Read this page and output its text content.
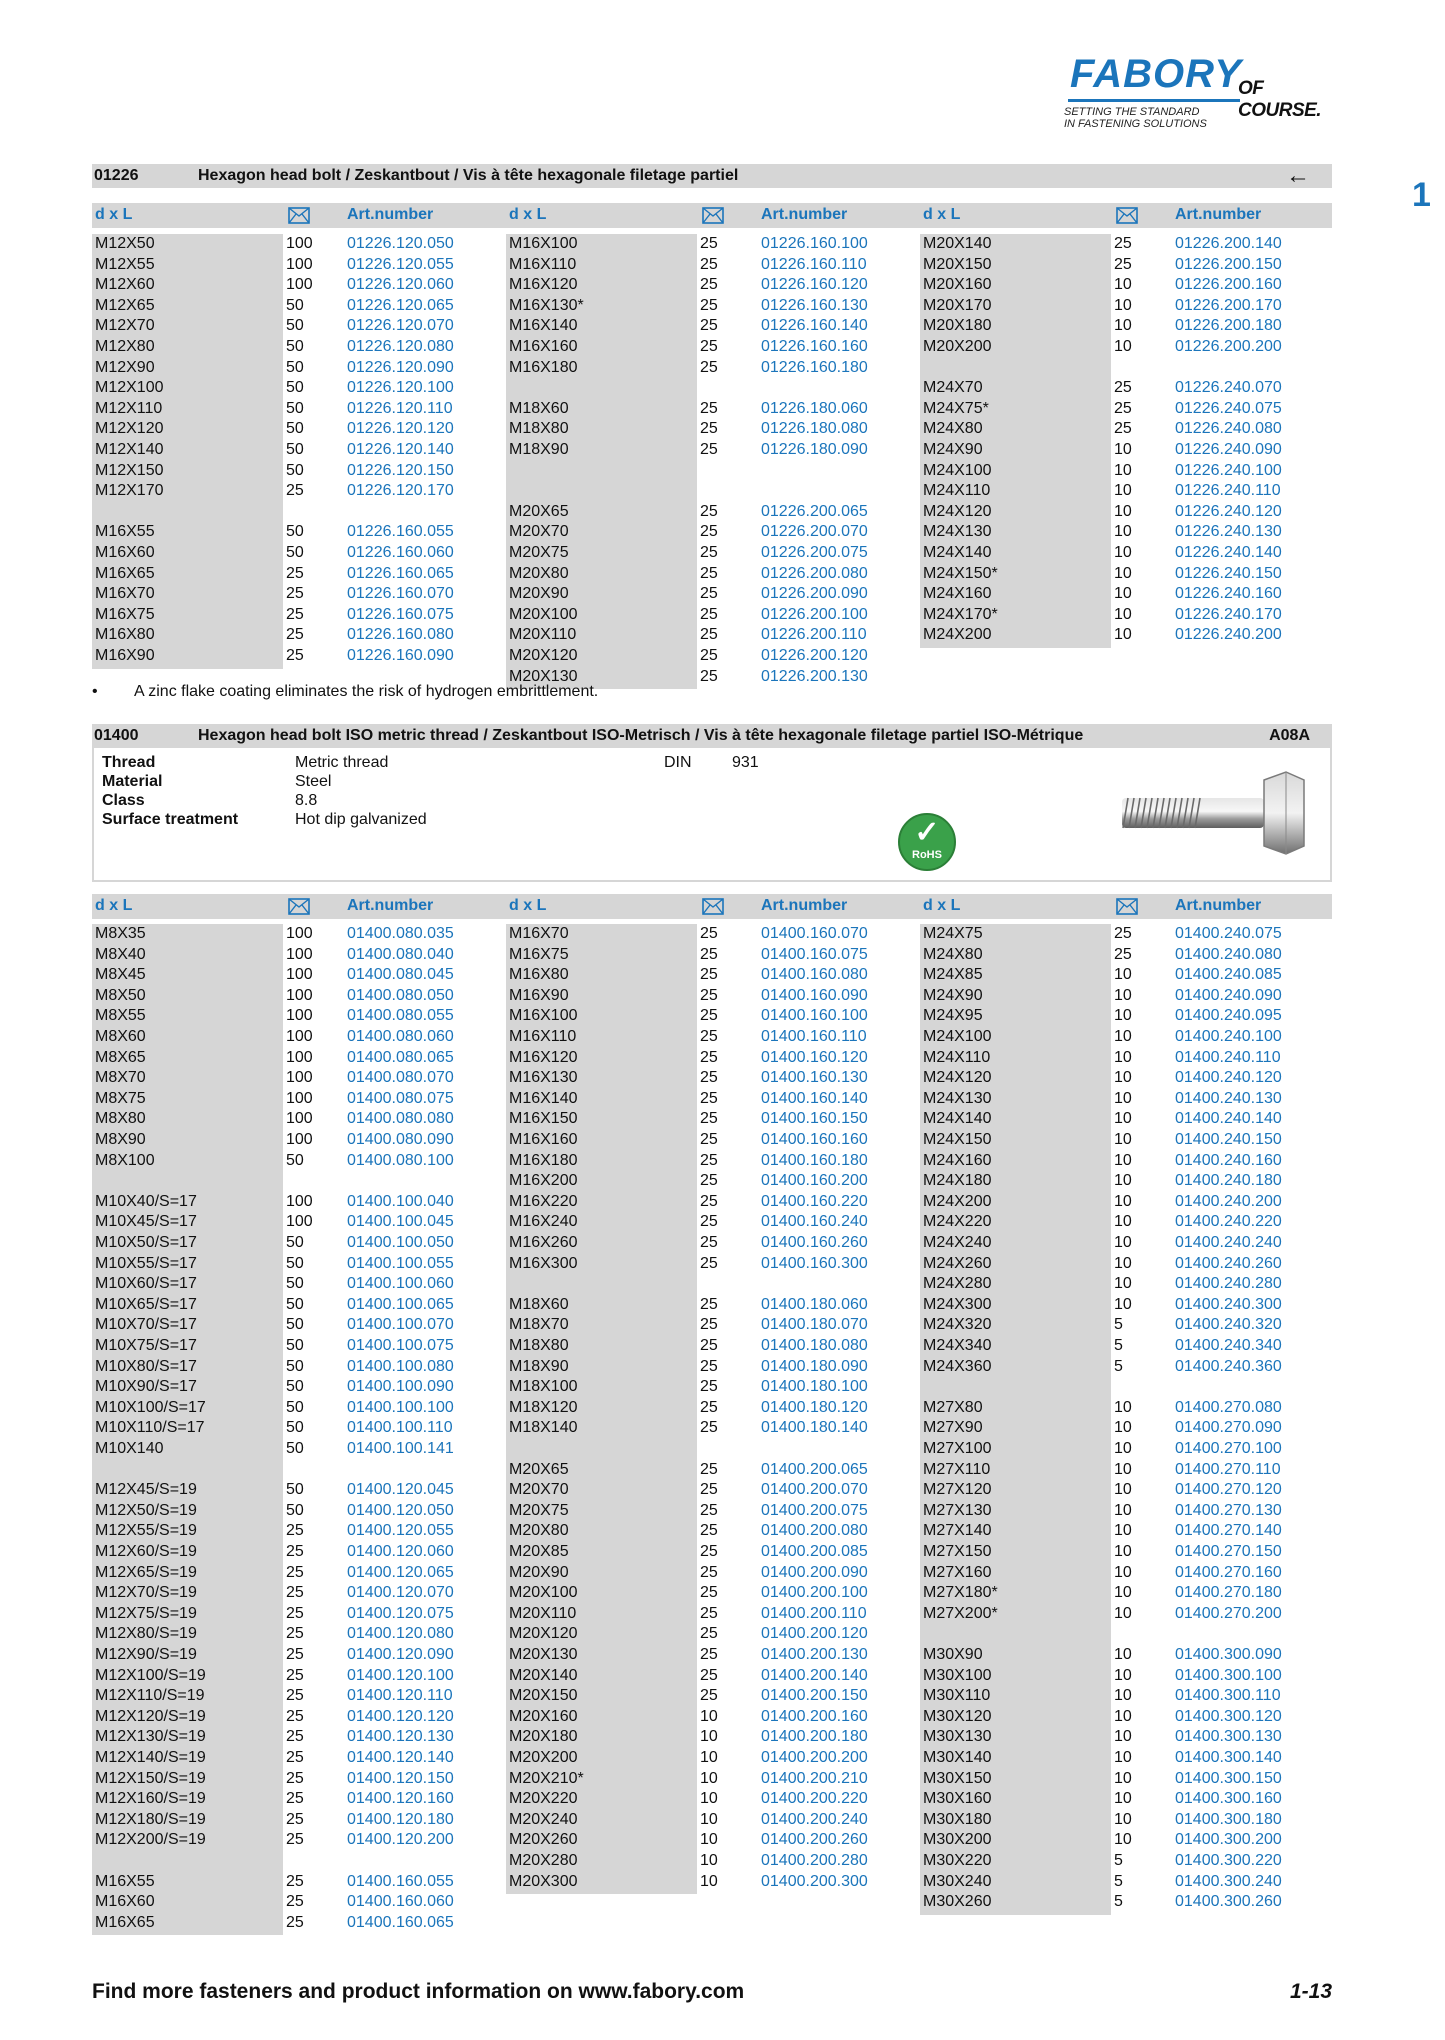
FABORY
OF COURSE.
SETTING THE STANDARD
IN FASTENING SOLUTIONS
1
01226	Hexagon head bolt / Zeskantbout / Vis à tête hexagonale filetage partiel	←
d x L	Art.number	d x L	Art.number	d x L	Art.number
M12X50	100 01226.120.050
M12X55	100 01226.120.055
M12X60	100 01226.120.060
M12X65	50	01226.120.065
M12X70	50	01226.120.070
M12X80	50	01226.120.080
M12X90	50	01226.120.090
M12X100	50	01226.120.100
M12X110	50	01226.120.110
M12X120	50	01226.120.120
M12X140	50	01226.120.140
M12X150	50	01226.120.150
M12X170	25	01226.120.170
M16X55	50	01226.160.055
M16X60	50	01226.160.060
M16X65	25	01226.160.065
M16X70	25	01226.160.070
M16X75	25	01226.160.075
M16X80	25	01226.160.080
M16X90	25	01226.160.090
M16X100	25	01226.160.100
M16X110	25	01226.160.110
M16X120	25	01226.160.120
M16X130*	25	01226.160.130
M16X140	25	01226.160.140
M16X160	25	01226.160.160
M16X180	25	01226.160.180
M18X60	25	01226.180.060
M18X80	25	01226.180.080
M18X90	25	01226.180.090
M20X65	25	01226.200.065
M20X70	25	01226.200.070
M20X75	25	01226.200.075
M20X80	25	01226.200.080
M20X90	25	01226.200.090
M20X100	25	01226.200.100
M20X110	25	01226.200.110
M20X120	25	01226.200.120
M20X130	25	01226.200.130
M20X140	25	01226.200.140
M20X150	25	01226.200.150
M20X160	10	01226.200.160
M20X170	10	01226.200.170
M20X180	10	01226.200.180
M20X200	10	01226.200.200
M24X70	25	01226.240.070
M24X75*	25	01226.240.075
M24X80	25	01226.240.080
M24X90	10	01226.240.090
M24X100	10	01226.240.100
M24X110	10	01226.240.110
M24X120	10	01226.240.120
M24X130	10	01226.240.130
M24X140	10	01226.240.140
M24X150*	10	01226.240.150
M24X160	10	01226.240.160
M24X170*	10	01226.240.170
M24X200	10	01226.240.200
• A zinc flake coating eliminates the risk of hydrogen embrittlement.
01400	Hexagon head bolt ISO metric thread / Zeskantbout ISO-Metrisch / Vis à tête hexagonale filetage partiel ISO-Métrique	A08A
Thread	Metric thread
Material	Steel
Class	8.8
Surface treatment	Hot dip galvanized
DIN	931
✓
RoHS
d x L	Art.number	d x L	Art.number	d x L	Art.number
M8X35	100 01400.080.035
M8X40	100 01400.080.040
M8X45	100 01400.080.045
M8X50	100 01400.080.050
M8X55	100 01400.080.055
M8X60	100 01400.080.060
M8X65	100 01400.080.065
M8X70	100 01400.080.070
M8X75	100 01400.080.075
M8X80	100 01400.080.080
M8X90	100 01400.080.090
M8X100	50	01400.080.100
M10X40/S=17	100 01400.100.040
M10X45/S=17	100 01400.100.045
M10X50/S=17	50	01400.100.050
M10X55/S=17	50	01400.100.055
M10X60/S=17	50	01400.100.060
M10X65/S=17	50	01400.100.065
M10X70/S=17	50	01400.100.070
M10X75/S=17	50	01400.100.075
M10X80/S=17	50	01400.100.080
M10X90/S=17	50	01400.100.090
M10X100/S=17	50	01400.100.100
M10X110/S=17	50	01400.100.110
M10X140	50	01400.100.141
M12X45/S=19	50	01400.120.045
M12X50/S=19	50	01400.120.050
M12X55/S=19	25	01400.120.055
M12X60/S=19	25	01400.120.060
M12X65/S=19	25	01400.120.065
M12X70/S=19	25	01400.120.070
M12X75/S=19	25	01400.120.075
M12X80/S=19	25	01400.120.080
M12X90/S=19	25	01400.120.090
M12X100/S=19	25	01400.120.100
M12X110/S=19	25	01400.120.110
M12X120/S=19	25	01400.120.120
M12X130/S=19	25	01400.120.130
M12X140/S=19	25	01400.120.140
M12X150/S=19	25	01400.120.150
M12X160/S=19	25	01400.120.160
M12X180/S=19	25	01400.120.180
M12X200/S=19	25	01400.120.200
M16X55	25	01400.160.055
M16X60	25	01400.160.060
M16X65	25	01400.160.065
M16X70	25	01400.160.070
M16X75	25	01400.160.075
M16X80	25	01400.160.080
M16X90	25	01400.160.090
M16X100	25	01400.160.100
M16X110	25	01400.160.110
M16X120	25	01400.160.120
M16X130	25	01400.160.130
M16X140	25	01400.160.140
M16X150	25	01400.160.150
M16X160	25	01400.160.160
M16X180	25	01400.160.180
M16X200	25	01400.160.200
M16X220	25	01400.160.220
M16X240	25	01400.160.240
M16X260	25	01400.160.260
M16X300	25	01400.160.300
M18X60	25	01400.180.060
M18X70	25	01400.180.070
M18X80	25	01400.180.080
M18X90	25	01400.180.090
M18X100	25	01400.180.100
M18X120	25	01400.180.120
M18X140	25	01400.180.140
M20X65	25	01400.200.065
M20X70	25	01400.200.070
M20X75	25	01400.200.075
M20X80	25	01400.200.080
M20X85	25	01400.200.085
M20X90	25	01400.200.090
M20X100	25	01400.200.100
M20X110	25	01400.200.110
M20X120	25	01400.200.120
M20X130	25	01400.200.130
M20X140	25	01400.200.140
M20X150	25	01400.200.150
M20X160	10	01400.200.160
M20X180	10	01400.200.180
M20X200	10	01400.200.200
M20X210*	10	01400.200.210
M20X220	10	01400.200.220
M20X240	10	01400.200.240
M20X260	10	01400.200.260
M20X280	10	01400.200.280
M20X300	10	01400.200.300
M24X75	25	01400.240.075
M24X80	25	01400.240.080
M24X85	10	01400.240.085
M24X90	10	01400.240.090
M24X95	10	01400.240.095
M24X100	10	01400.240.100
M24X110	10	01400.240.110
M24X120	10	01400.240.120
M24X130	10	01400.240.130
M24X140	10	01400.240.140
M24X150	10	01400.240.150
M24X160	10	01400.240.160
M24X180	10	01400.240.180
M24X200	10	01400.240.200
M24X220	10	01400.240.220
M24X240	10	01400.240.240
M24X260	10	01400.240.260
M24X280	10	01400.240.280
M24X300	10	01400.240.300
M24X320	5	01400.240.320
M24X340	5	01400.240.340
M24X360	5	01400.240.360
M27X80	10	01400.270.080
M27X90	10	01400.270.090
M27X100	10	01400.270.100
M27X110	10	01400.270.110
M27X120	10	01400.270.120
M27X130	10	01400.270.130
M27X140	10	01400.270.140
M27X150	10	01400.270.150
M27X160	10	01400.270.160
M27X180*	10	01400.270.180
M27X200*	10	01400.270.200
M30X90	10	01400.300.090
M30X100	10	01400.300.100
M30X110	10	01400.300.110
M30X120	10	01400.300.120
M30X130	10	01400.300.130
M30X140	10	01400.300.140
M30X150	10	01400.300.150
M30X160	10	01400.300.160
M30X180	10	01400.300.180
M30X200	10	01400.300.200
M30X220	5	01400.300.220
M30X240	5	01400.300.240
M30X260	5	01400.300.260
Find more fasteners and product information on www.fabory.com	1-13
